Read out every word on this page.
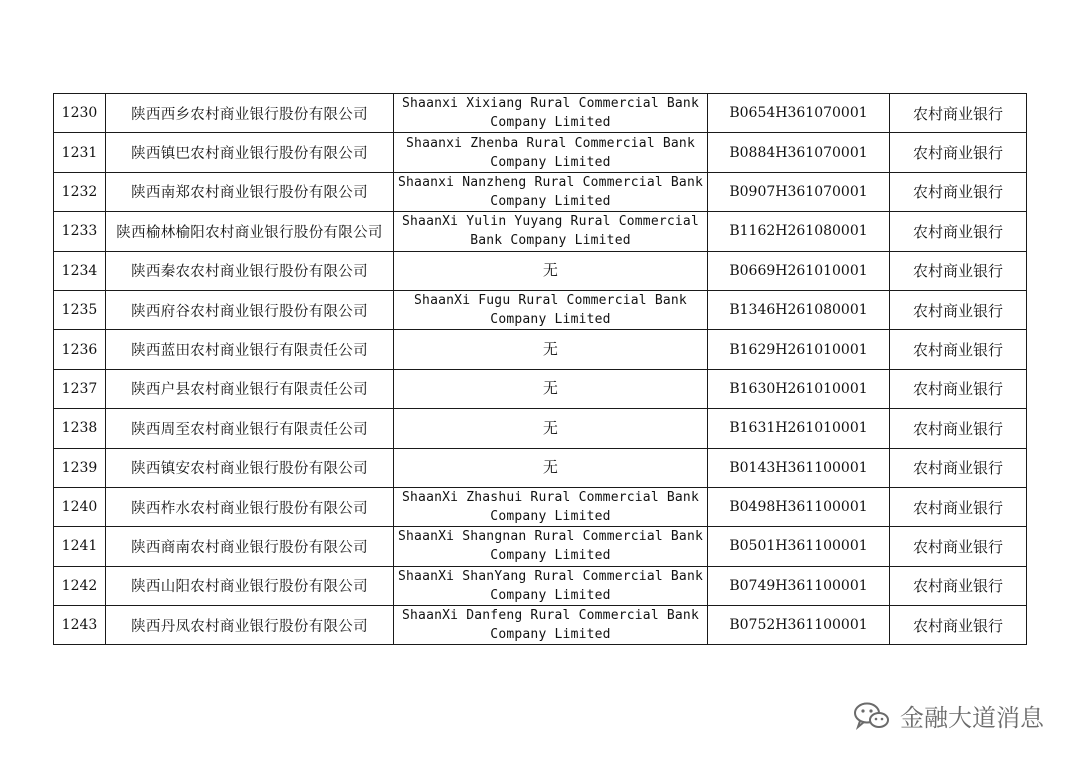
1230	陕西西乡农村商业银行股份有限公司	Shaanxi Xixiang Rural Commercial Bank Company Limited	B0654H361070001	农村商业银行
1231	陕西镇巴农村商业银行股份有限公司	Shaanxi Zhenba Rural Commercial Bank Company Limited	B0884H361070001	农村商业银行
1232	陕西南郑农村商业银行股份有限公司	Shaanxi Nanzheng Rural Commercial Bank Company Limited	B0907H361070001	农村商业银行
1233	陕西榆林榆阳农村商业银行股份有限公司	ShaanXi Yulin Yuyang Rural Commercial Bank Company Limited	B1162H261080001	农村商业银行
1234	陕西秦农农村商业银行股份有限公司	无	B0669H261010001	农村商业银行
1235	陕西府谷农村商业银行股份有限公司	ShaanXi Fugu Rural Commercial Bank Company Limited	B1346H261080001	农村商业银行
1236	陕西蓝田农村商业银行有限责任公司	无	B1629H261010001	农村商业银行
1237	陕西户县农村商业银行有限责任公司	无	B1630H261010001	农村商业银行
1238	陕西周至农村商业银行有限责任公司	无	B1631H261010001	农村商业银行
1239	陕西镇安农村商业银行股份有限公司	无	B0143H361100001	农村商业银行
1240	陕西柞水农村商业银行股份有限公司	ShaanXi Zhashui Rural Commercial Bank Company Limited	B0498H361100001	农村商业银行
1241	陕西商南农村商业银行股份有限公司	ShaanXi Shangnan Rural Commercial Bank Company Limited	B0501H361100001	农村商业银行
1242	陕西山阳农村商业银行股份有限公司	ShaanXi ShanYang Rural Commercial Bank Company Limited	B0749H361100001	农村商业银行
1243	陕西丹凤农村商业银行股份有限公司	ShaanXi Danfeng Rural Commercial Bank Company Limited	B0752H361100001	农村商业银行
金融大道消息
